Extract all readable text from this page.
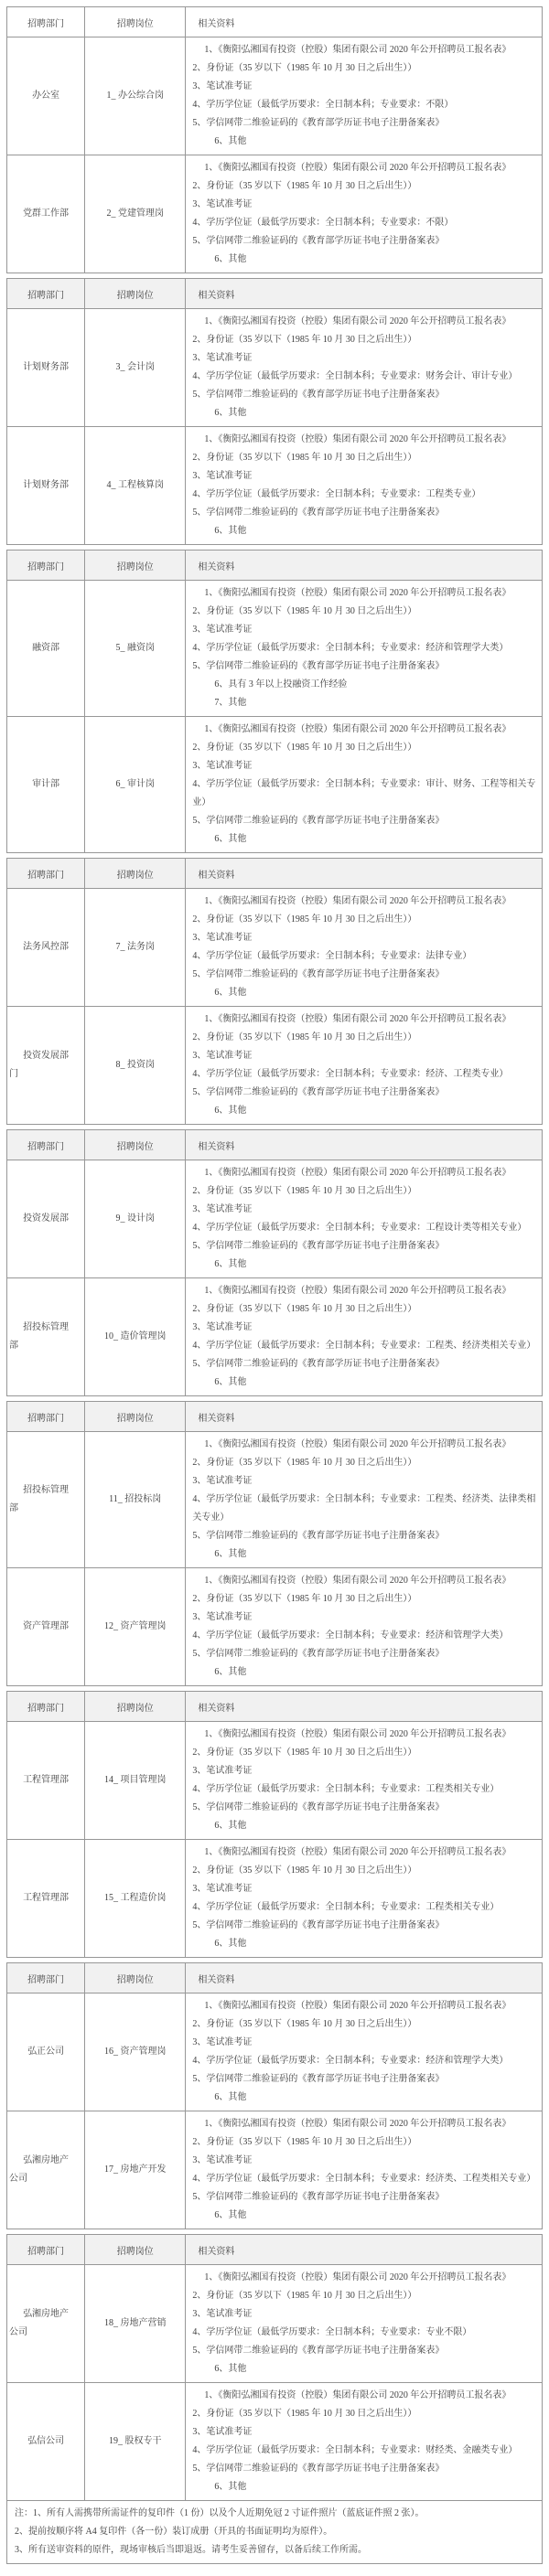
招聘部门	招聘岗位	相关资料
办公室	1_ 办公综合岗	
1、《衡阳弘湘国有投资（控股）集团有限公司 2020 年公开招聘员工报名表》
2、身份证（35 岁以下（1985 年 10 月 30 日之后出生））
3、笔试准考证
4、学历学位证（最低学历要求：全日制本科；专业要求：不限）
5、学信网带二维验证码的《教育部学历证书电子注册备案表》
6、其他

党群工作部	2_ 党建管理岗	
1、《衡阳弘湘国有投资（控股）集团有限公司 2020 年公开招聘员工报名表》
2、身份证（35 岁以下（1985 年 10 月 30 日之后出生））
3、笔试准考证
4、学历学位证（最低学历要求：全日制本科；专业要求：不限）
5、学信网带二维验证码的《教育部学历证书电子注册备案表》
6、其他
招聘部门	招聘岗位	相关资料
计划财务部	3_ 会计岗	
1、《衡阳弘湘国有投资（控股）集团有限公司 2020 年公开招聘员工报名表》
2、身份证（35 岁以下（1985 年 10 月 30 日之后出生））
3、笔试准考证
4、学历学位证（最低学历要求：全日制本科；专业要求：财务会计、审计专业）
5、学信网带二维验证码的《教育部学历证书电子注册备案表》
6、其他

计划财务部	4_ 工程核算岗	
1、《衡阳弘湘国有投资（控股）集团有限公司 2020 年公开招聘员工报名表》
2、身份证（35 岁以下（1985 年 10 月 30 日之后出生））
3、笔试准考证
4、学历学位证（最低学历要求：全日制本科；专业要求：工程类专业）
5、学信网带二维验证码的《教育部学历证书电子注册备案表》
6、其他
招聘部门	招聘岗位	相关资料
融资部	5_ 融资岗	
1、《衡阳弘湘国有投资（控股）集团有限公司 2020 年公开招聘员工报名表》
2、身份证（35 岁以下（1985 年 10 月 30 日之后出生））
3、笔试准考证
4、学历学位证（最低学历要求：全日制本科；专业要求：经济和管理学大类）
5、学信网带二维验证码的《教育部学历证书电子注册备案表》
6、具有 3 年以上投融资工作经验
7、其他

审计部	6_ 审计岗	
1、《衡阳弘湘国有投资（控股）集团有限公司 2020 年公开招聘员工报名表》
2、身份证（35 岁以下（1985 年 10 月 30 日之后出生））
3、笔试准考证
4、学历学位证（最低学历要求：全日制本科；专业要求：审计、财务、工程等相关专业）
5、学信网带二维验证码的《教育部学历证书电子注册备案表》
6、其他
招聘部门	招聘岗位	相关资料
法务风控部	7_ 法务岗	
1、《衡阳弘湘国有投资（控股）集团有限公司 2020 年公开招聘员工报名表》
2、身份证（35 岁以下（1985 年 10 月 30 日之后出生））
3、笔试准考证
4、学历学位证（最低学历要求：全日制本科；专业要求：法律专业）
5、学信网带二维验证码的《教育部学历证书电子注册备案表》
6、其他

投资发展部
门
	8_ 投资岗	
1、《衡阳弘湘国有投资（控股）集团有限公司 2020 年公开招聘员工报名表》
2、身份证（35 岁以下（1985 年 10 月 30 日之后出生））
3、笔试准考证
4、学历学位证（最低学历要求：全日制本科；专业要求：经济、工程类专业）
5、学信网带二维验证码的《教育部学历证书电子注册备案表》
6、其他
招聘部门	招聘岗位	相关资料
投资发展部	9_ 设计岗	
1、《衡阳弘湘国有投资（控股）集团有限公司 2020 年公开招聘员工报名表》
2、身份证（35 岁以下（1985 年 10 月 30 日之后出生））
3、笔试准考证
4、学历学位证（最低学历要求：全日制本科；专业要求：工程设计类等相关专业）
5、学信网带二维验证码的《教育部学历证书电子注册备案表》
6、其他

招投标管理
部
	10_ 造价管理岗	
1、《衡阳弘湘国有投资（控股）集团有限公司 2020 年公开招聘员工报名表》
2、身份证（35 岁以下（1985 年 10 月 30 日之后出生））
3、笔试准考证
4、学历学位证（最低学历要求：全日制本科；专业要求：工程类、经济类相关专业）
5、学信网带二维验证码的《教育部学历证书电子注册备案表》
6、其他
招聘部门	招聘岗位	相关资料
招投标管理
部
	11_ 招投标岗	
1、《衡阳弘湘国有投资（控股）集团有限公司 2020 年公开招聘员工报名表》
2、身份证（35 岁以下（1985 年 10 月 30 日之后出生））
3、笔试准考证
4、学历学位证（最低学历要求：全日制本科；专业要求：工程类、经济类、法律类相关专业）
5、学信网带二维验证码的《教育部学历证书电子注册备案表》
6、其他

资产管理部	12_ 资产管理岗	
1、《衡阳弘湘国有投资（控股）集团有限公司 2020 年公开招聘员工报名表》
2、身份证（35 岁以下（1985 年 10 月 30 日之后出生））
3、笔试准考证
4、学历学位证（最低学历要求：全日制本科；专业要求：经济和管理学大类）
5、学信网带二维验证码的《教育部学历证书电子注册备案表》
6、其他
招聘部门	招聘岗位	相关资料
工程管理部	14_ 项目管理岗	
1、《衡阳弘湘国有投资（控股）集团有限公司 2020 年公开招聘员工报名表》
2、身份证（35 岁以下（1985 年 10 月 30 日之后出生））
3、笔试准考证
4、学历学位证（最低学历要求：全日制本科；专业要求：工程类相关专业）
5、学信网带二维验证码的《教育部学历证书电子注册备案表》
6、其他

工程管理部	15_ 工程造价岗	
1、《衡阳弘湘国有投资（控股）集团有限公司 2020 年公开招聘员工报名表》
2、身份证（35 岁以下（1985 年 10 月 30 日之后出生））
3、笔试准考证
4、学历学位证（最低学历要求：全日制本科；专业要求：工程类相关专业）
5、学信网带二维验证码的《教育部学历证书电子注册备案表》
6、其他
招聘部门	招聘岗位	相关资料
弘正公司	16_ 资产管理岗	
1、《衡阳弘湘国有投资（控股）集团有限公司 2020 年公开招聘员工报名表》
2、身份证（35 岁以下（1985 年 10 月 30 日之后出生））
3、笔试准考证
4、学历学位证（最低学历要求：全日制本科；专业要求：经济和管理学大类）
5、学信网带二维验证码的《教育部学历证书电子注册备案表》
6、其他

弘湘房地产
公司
	17_ 房地产开发	
1、《衡阳弘湘国有投资（控股）集团有限公司 2020 年公开招聘员工报名表》
2、身份证（35 岁以下（1985 年 10 月 30 日之后出生））
3、笔试准考证
4、学历学位证（最低学历要求：全日制本科；专业要求：经济类、工程类相关专业）
5、学信网带二维验证码的《教育部学历证书电子注册备案表》
6、其他
招聘部门	招聘岗位	相关资料
弘湘房地产
公司
	18_ 房地产营销	
1、《衡阳弘湘国有投资（控股）集团有限公司 2020 年公开招聘员工报名表》
2、身份证（35 岁以下（1985 年 10 月 30 日之后出生））
3、笔试准考证
4、学历学位证（最低学历要求：全日制本科；专业要求：专业不限）
5、学信网带二维验证码的《教育部学历证书电子注册备案表》
6、其他

弘信公司	19_ 股权专干	
1、《衡阳弘湘国有投资（控股）集团有限公司 2020 年公开招聘员工报名表》
2、身份证（35 岁以下（1985 年 10 月 30 日之后出生））
3、笔试准考证
4、学历学位证（最低学历要求：全日制本科；专业要求：财经类、金融类专业）
5、学信网带二维验证码的《教育部学历证书电子注册备案表》
6、其他

注：1、所有人需携带所需证件的复印件（1 份）以及个人近期免冠 2 寸证件照片（蓝底证件照 2 张）。
2、提前按顺序将 A4 复印件（各一份）装订成册（开具的书面证明均为原件）。
3、所有送审资料的原件，现场审核后当即退返。请考生妥善留存，以备后续工作所需。		
